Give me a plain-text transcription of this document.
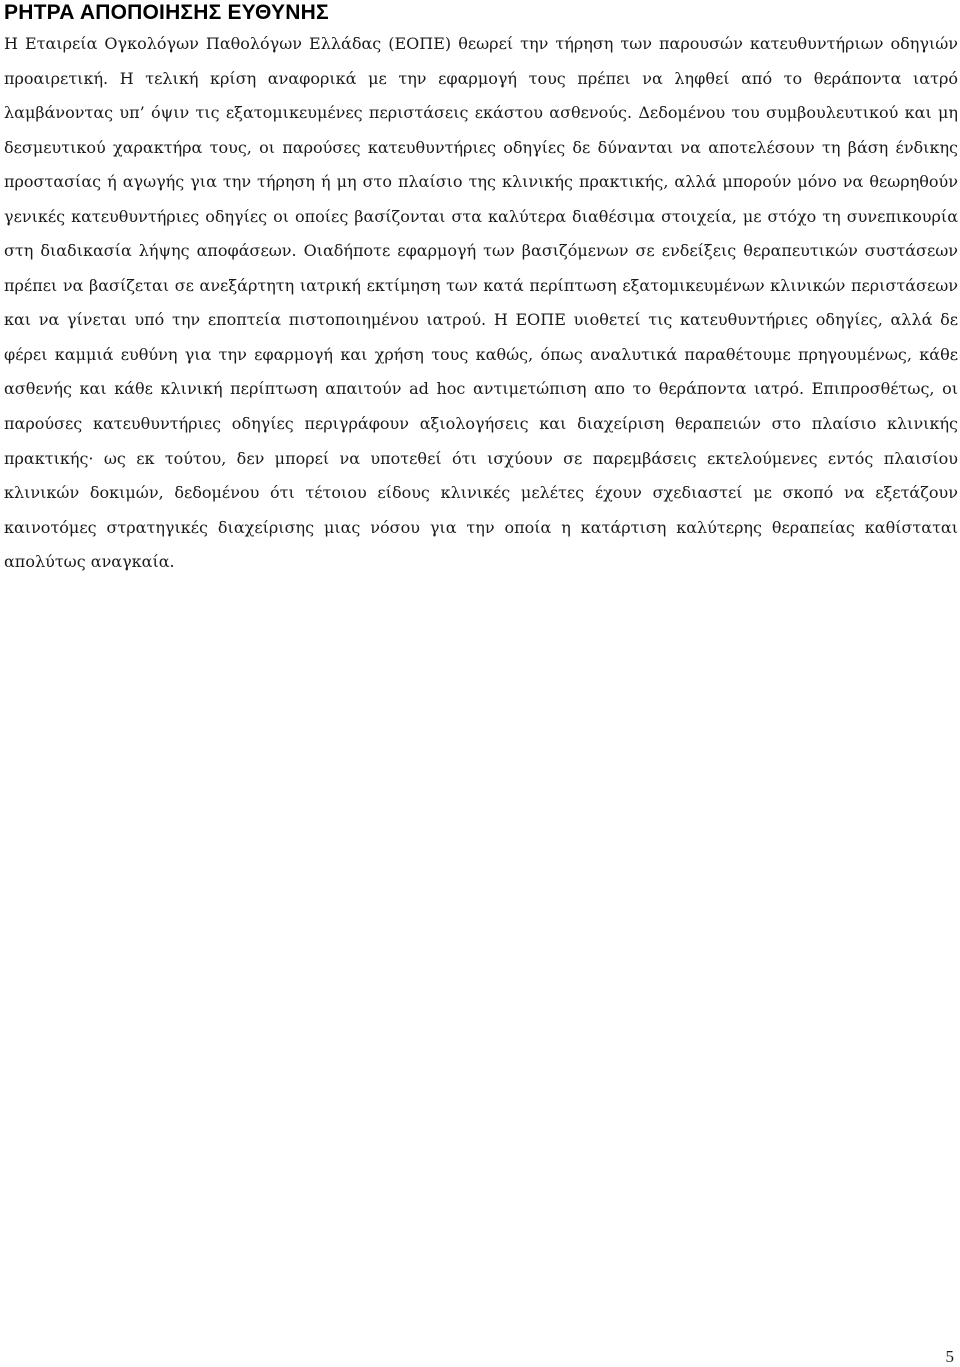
ΡΗΤΡΑ ΑΠΟΠΟΙΗΣΗΣ ΕΥΘΥΝΗΣ

Η Εταιρεία Ογκολόγων Παθολόγων Ελλάδας (ΕΟΠΕ) θεωρεί την τήρηση των παρουσών κατευθυντήριων οδηγιών προαιρετική. Η τελική κρίση αναφορικά με την εφαρμογή τους πρέπει να ληφθεί από το θεράποντα ιατρό λαμβάνοντας υπ’ όψιν τις εξατομικευμένες περιστάσεις εκάστου ασθενούς. Δεδομένου του συμβουλευτικού και μη δεσμευτικού χαρακτήρα τους, οι παρούσες κατευθυντήριες οδηγίες δε δύνανται να αποτελέσουν τη βάση ένδικης προστασίας ή αγωγής για την τήρηση ή μη στο πλαίσιο της κλινικής πρακτικής, αλλά μπορούν μόνο να θεωρηθούν γενικές κατευθυντήριες οδηγίες οι οποίες βασίζονται στα καλύτερα διαθέσιμα στοιχεία, με στόχο τη συνεπικουρία στη διαδικασία λήψης αποφάσεων. Οιαδήποτε εφαρμογή των βασιζόμενων σε ενδείξεις θεραπευτικών συστάσεων πρέπει να βασίζεται σε ανεξάρτητη ιατρική εκτίμηση των κατά περίπτωση εξατομικευμένων κλινικών περιστάσεων και να γίνεται υπό την εποπτεία πιστοποιημένου ιατρού. Η ΕΟΠΕ υιοθετεί τις κατευθυντήριες οδηγίες, αλλά δε φέρει καμμιά ευθύνη για την εφαρμογή και χρήση τους καθώς, όπως αναλυτικά παραθέτουμε πρηγουμένως, κάθε ασθενής και κάθε κλινική περίπτωση απαιτούν ad hoc αντιμετώπιση απο το θεράποντα ιατρό. Επιπροσθέτως, οι παρούσες κατευθυντήριες οδηγίες περιγράφουν αξιολογήσεις και διαχείριση θεραπειών στο πλαίσιο κλινικής πρακτικής· ως εκ τούτου, δεν μπορεί να υποτεθεί ότι ισχύουν σε παρεμβάσεις εκτελούμενες εντός πλαισίου κλινικών δοκιμών, δεδομένου ότι τέτοιου είδους κλινικές μελέτες έχουν σχεδιαστεί με σκοπό να εξετάζουν καινοτόμες στρατηγικές διαχείρισης μιας νόσου για την οποία η κατάρτιση καλύτερης θεραπείας καθίσταται απολύτως αναγκαία.

5
